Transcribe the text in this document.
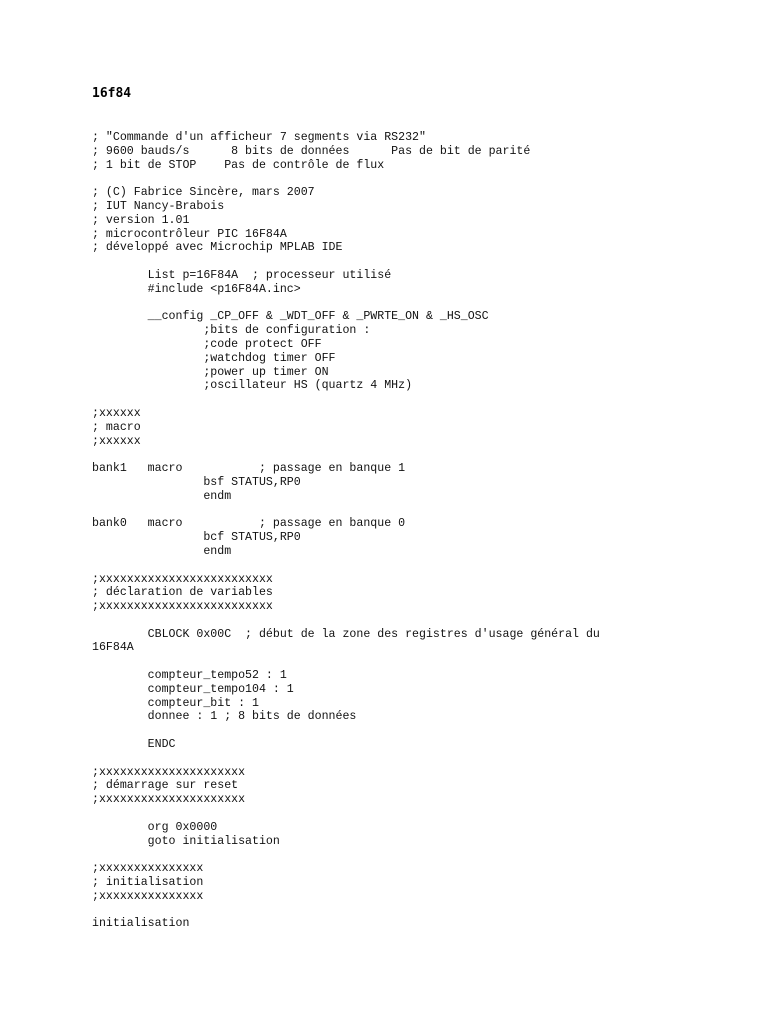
16f84
; "Commande d'un afficheur 7 segments via RS232"
; 9600 bauds/s      8 bits de données      Pas de bit de parité
; 1 bit de STOP    Pas de contrôle de flux
; (C) Fabrice Sincère, mars 2007
; IUT Nancy-Brabois
; version 1.01
; microcontrôleur PIC 16F84A
; développé avec Microchip MPLAB IDE
List p=16F84A  ; processeur utilisé
#include <p16F84A.inc>
__config _CP_OFF & _WDT_OFF & _PWRTE_ON & _HS_OSC
;bits de configuration :
;code protect OFF
;watchdog timer OFF
;power up timer ON
;oscillateur HS (quartz 4 MHz)
;xxxxxx
; macro
;xxxxxx
bank1   macro           ; passage en banque 1
bsf STATUS,RP0
endm
bank0   macro           ; passage en banque 0
bcf STATUS,RP0
endm
;xxxxxxxxxxxxxxxxxxxxxxxxx
; déclaration de variables
;xxxxxxxxxxxxxxxxxxxxxxxxx
CBLOCK 0x00C  ; début de la zone des registres d'usage général du
16F84A
compteur_tempo52 : 1
compteur_tempo104 : 1
compteur_bit : 1
donnee : 1 ; 8 bits de données
ENDC
;xxxxxxxxxxxxxxxxxxxxx
; démarrage sur reset
;xxxxxxxxxxxxxxxxxxxxx
org 0x0000
goto initialisation
;xxxxxxxxxxxxxxx
; initialisation
;xxxxxxxxxxxxxxx
initialisation
